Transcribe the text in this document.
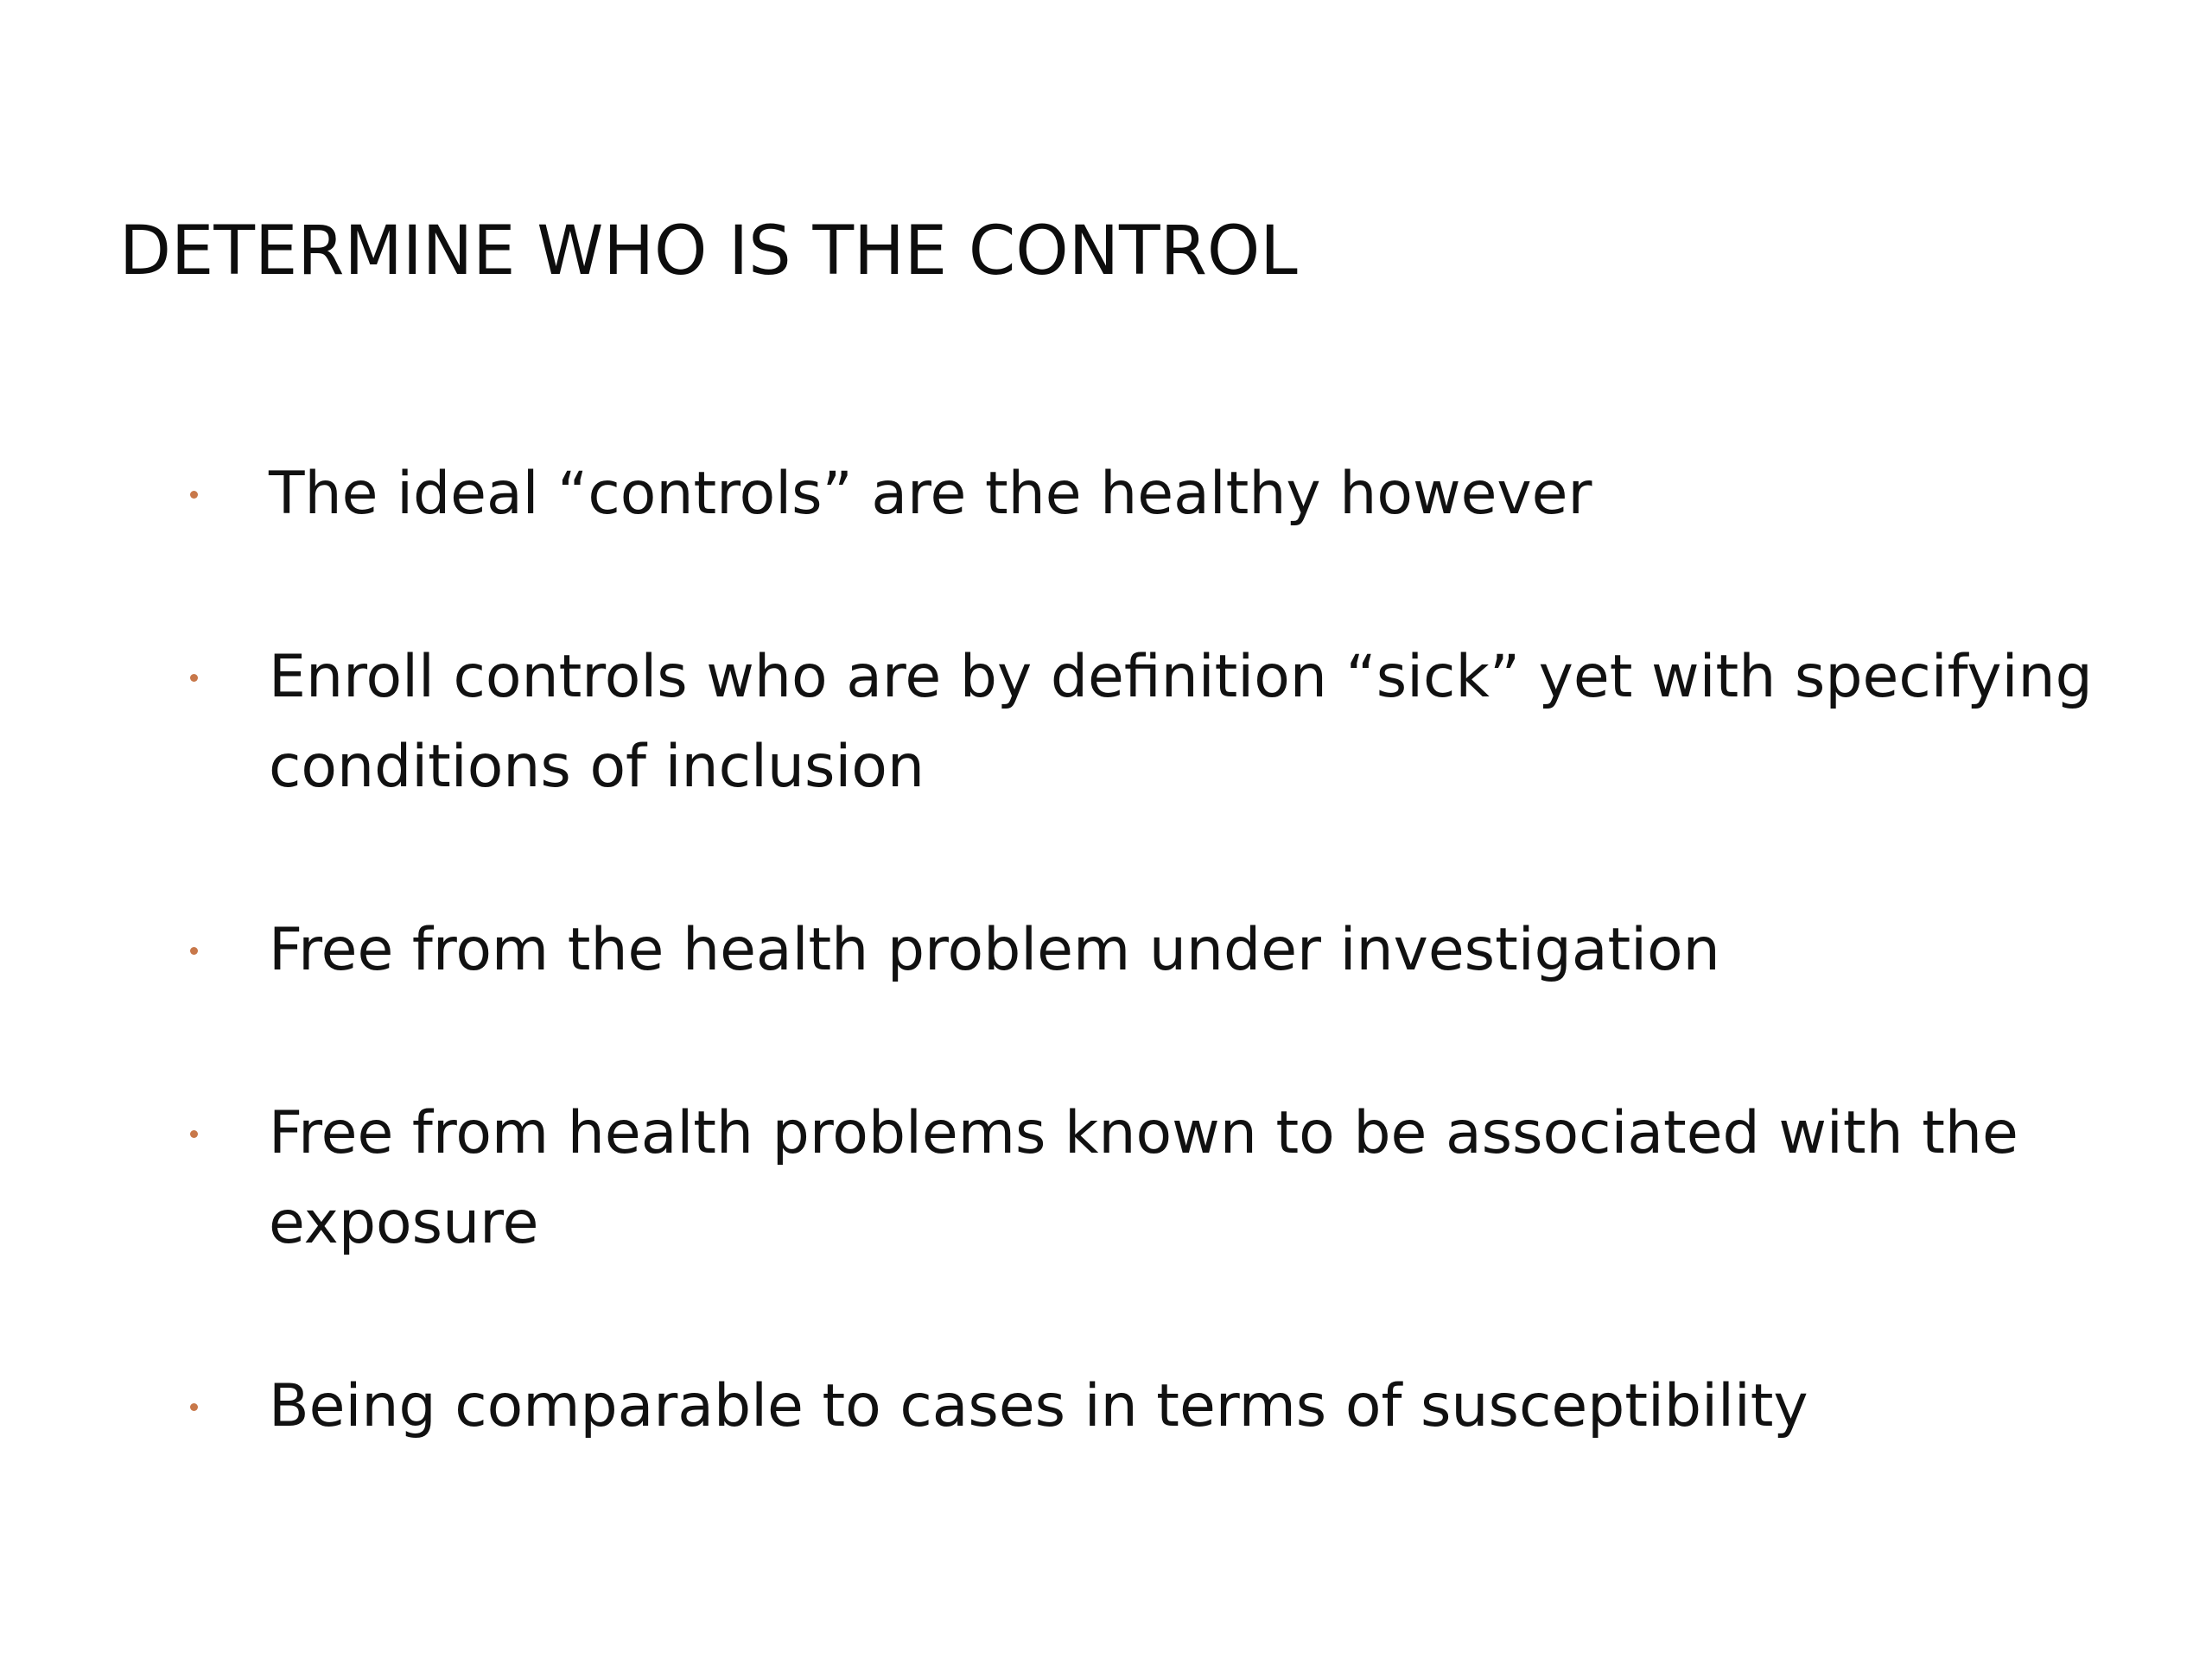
DETERMINE WHO IS THE CONTROL
The ideal “controls” are the healthy however
Enroll controls who are by definition “sick” yet with specifying conditions of inclusion
Free from the health problem under investigation
Free from health problems known to be associated with the exposure
Being comparable to cases in terms of susceptibility
